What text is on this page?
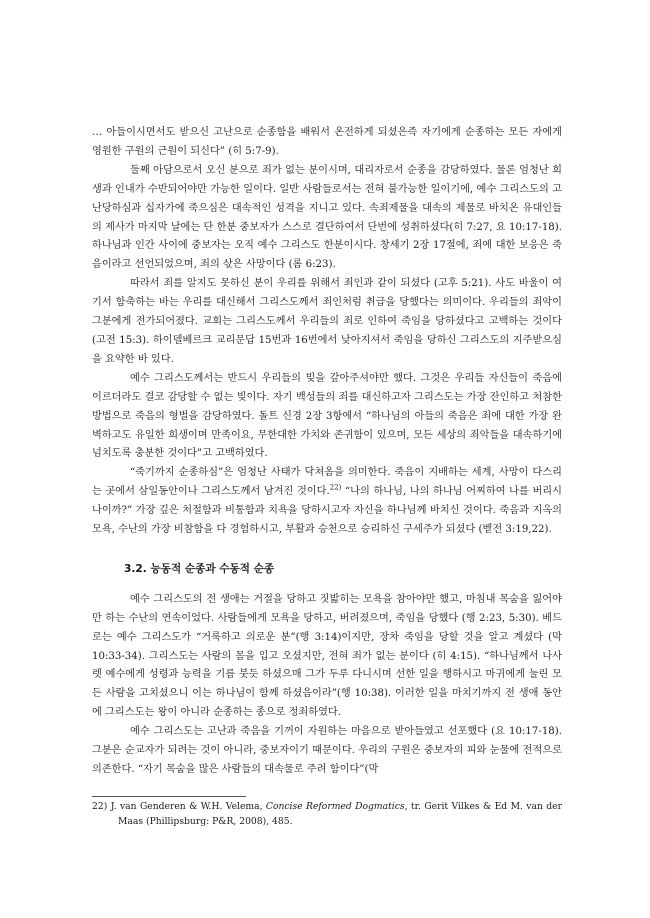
… 아들이시면서도 받으신 고난으로 순종함을 배워서 온전하게 되셨은즉 자기에게 순종하는 모든 자에게 영원한 구원의 근원이 되신다” (히 5:7-9).

둘째 아담으로서 오신 분으로 죄가 없는 분이시며, 대리자로서 순종을 감당하였다. 물론 엄청난 희생과 인내가 수반되어야만 가능한 일이다. 일반 사람들로서는 전혀 불가능한 일이기에, 예수 그리스도의 고난당하심과 십자가에 죽으심은 대속적인 성격을 지니고 있다. 속죄제물을 대속의 제물로 바치온 유대인들의 제사가 마지막 날에는 단 한분 중보자가 스스로 결단하여서 단번에 성취하셨다(히 7:27, 요 10:17-18). 하나님과 인간 사이에 중보자는 오직 예수 그리스도 한분이시다. 창세기 2장 17절에, 죄에 대한 보응은 죽음이라고 선언되었으며, 죄의 삯은 사망이다 (롬 6:23).

따라서 죄를 알지도 못하신 분이 우리를 위해서 죄인과 같이 되셨다 (고후 5:21). 사도 바울이 여기서 함축하는 바는 우리를 대신해서 그리스도께서 죄인처럼 취급을 당했다는 의미이다. 우리들의 죄악이 그분에게 전가되어졌다. 교회는 그리스도께서 우리들의 죄로 인하여 죽임을 당하셨다고 고백하는 것이다 (고전 15:3). 하이델베르크 교리문답 15번과 16번에서 낮아지셔서 죽임을 당하신 그리스도의 지주받으심을 요약한 바 있다.

예수 그리스도께서는 반드시 우리들의 빚을 갚아주셔야만 했다. 그것은 우리들 자신들이 죽음에 이르더라도 결코 감당할 수 없는 빚이다. 자기 백성들의 죄를 대신하고자 그리스도는 가장 잔인하고 처참한 방법으로 죽음의 형벌을 감당하였다. 돌트 신경 2장 3항에서 “하나님의 아들의 죽음은 죄에 대한 가장 완벽하고도 유일한 희생이며 만족이요, 무한대한 가치와 존귀함이 있으며, 모든 세상의 죄악들을 대속하기에 넘치도록 충분한 것이다”고 고백하였다.

“죽기까지 순종하심”은 엄청난 사태가 닥쳐옴을 의미한다. 죽음이 지배하는 세계, 사망이 다스리는 곳에서 삼일동안이나 그리스도께서 남겨진 것이다.$^{22)}$ “나의 하나님, 나의 하나님 어찌하여 나를 버리시나이까?” 가장 깊은 처절함과 비통함과 치욕을 당하시고자 자신을 하나님께 바치신 것이다. 죽음과 지옥의 모욕, 수난의 가장 비참함을 다 경험하시고, 부활과 승천으로 승리하신 구세주가 되셨다 (벧전 3:19,22).

3.2. 능동적 순종과 수동적 순종

예수 그리스도의 전 생애는 거절을 당하고 짓밟히는 모욕을 참아야만 했고, 마침내 목숨을 잃어야만 하는 수난의 연속이었다. 사람들에게 모욕을 당하고, 버려졌으며, 죽임을 당했다 (행 2:23, 5:30). 베드로는 예수 그리스도가 “거룩하고 의로운 분”(행 3:14)이지만, 장차 죽임을 당할 것을 알고 계셨다 (막 10:33-34). 그리스도는 사람의 몸을 입고 오셨지만, 전혀 죄가 없는 분이다 (히 4:15). “하나님께서 나사렛 예수에게 성령과 능력을 기름 붓듯 하셨으매 그가 두루 다니시며 선한 일을 행하시고 마귀에게 눌린 모든 사람을 고치셨으니 이는 하나님이 함께 하셨음이라”(행 10:38). 이러한 일을 마치기까지 전 생애 동안에 그리스도는 왕이 아니라 순종하는 종으로 정죄하였다.

예수 그리스도는 고난과 죽음을 기꺼이 자원하는 마음으로 받아들였고 선포했다 (요 10:17-18). 그분은 순교자가 되려는 것이 아니라, 중보자이기 때문이다. 우리의 구원은 중보자의 피와 눈물에 전적으로 의존한다. “자기 목숨을 많은 사람들의 대속물로 주려 함이다”(막

22) J. van Genderen & W.H. Velema, Concise Reformed Dogmatics, tr. Gerit Vilkes & Ed M. van der Maas (Phillipsburg: P&R, 2008), 485.
